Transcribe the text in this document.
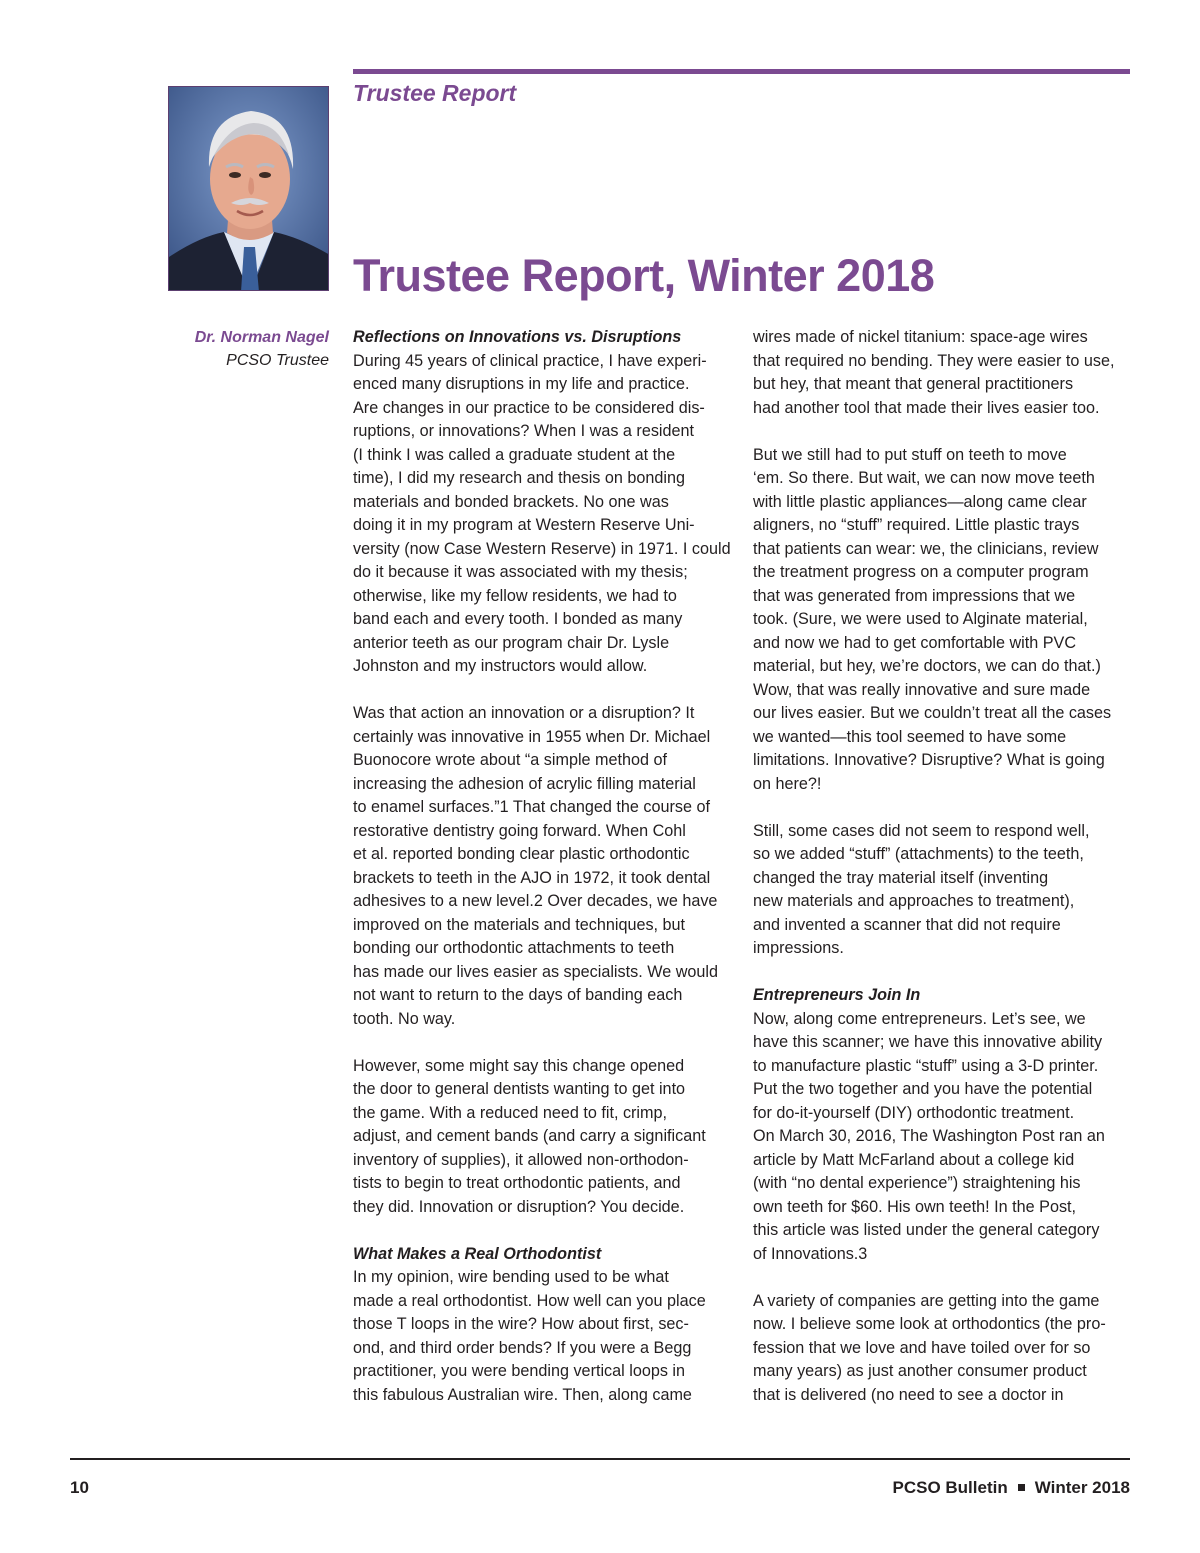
Trustee Report
Trustee Report, Winter 2018
Dr. Norman Nagel
PCSO Trustee
Reflections on Innovations vs. Disruptions
During 45 years of clinical practice, I have experi-
enced many disruptions in my life and practice.
Are changes in our practice to be considered dis-
ruptions, or innovations? When I was a resident
(I think I was called a graduate student at the
time), I did my research and thesis on bonding
materials and bonded brackets. No one was
doing it in my program at Western Reserve Uni-
versity (now Case Western Reserve) in 1971. I could
do it because it was associated with my thesis;
otherwise, like my fellow residents, we had to
band each and every tooth. I bonded as many
anterior teeth as our program chair Dr. Lysle
Johnston and my instructors would allow.
Was that action an innovation or a disruption? It
certainly was innovative in 1955 when Dr. Michael
Buonocore wrote about “a simple method of
increasing the adhesion of acrylic filling material
to enamel surfaces.”1 That changed the course of
restorative dentistry going forward. When Cohl
et al. reported bonding clear plastic orthodontic
brackets to teeth in the AJO in 1972, it took dental
adhesives to a new level.2 Over decades, we have
improved on the materials and techniques, but
bonding our orthodontic attachments to teeth
has made our lives easier as specialists. We would
not want to return to the days of banding each
tooth. No way.
However, some might say this change opened
the door to general dentists wanting to get into
the game. With a reduced need to fit, crimp,
adjust, and cement bands (and carry a significant
inventory of supplies), it allowed non-orthodon-
tists to begin to treat orthodontic patients, and
they did. Innovation or disruption? You decide.
What Makes a Real Orthodontist
In my opinion, wire bending used to be what
made a real orthodontist. How well can you place
those T loops in the wire? How about first, sec-
ond, and third order bends? If you were a Begg
practitioner, you were bending vertical loops in
this fabulous Australian wire. Then, along came
wires made of nickel titanium: space-age wires
that required no bending. They were easier to use,
but hey, that meant that general practitioners
had another tool that made their lives easier too.
But we still had to put stuff on teeth to move
‘em. So there. But wait, we can now move teeth
with little plastic appliances—along came clear
aligners, no “stuff” required. Little plastic trays
that patients can wear: we, the clinicians, review
the treatment progress on a computer program
that was generated from impressions that we
took. (Sure, we were used to Alginate material,
and now we had to get comfortable with PVC
material, but hey, we’re doctors, we can do that.)
Wow, that was really innovative and sure made
our lives easier. But we couldn’t treat all the cases
we wanted—this tool seemed to have some
limitations. Innovative? Disruptive? What is going
on here?!
Still, some cases did not seem to respond well,
so we added “stuff” (attachments) to the teeth,
changed the tray material itself (inventing
new materials and approaches to treatment),
and invented a scanner that did not require
impressions.
Entrepreneurs Join In
Now, along come entrepreneurs. Let’s see, we
have this scanner; we have this innovative ability
to manufacture plastic “stuff” using a 3-D printer.
Put the two together and you have the potential
for do-it-yourself (DIY) orthodontic treatment.
On March 30, 2016, The Washington Post ran an
article by Matt McFarland about a college kid
(with “no dental experience”) straightening his
own teeth for $60. His own teeth! In the Post,
this article was listed under the general category
of Innovations.3
A variety of companies are getting into the game
now. I believe some look at orthodontics (the pro-
fession that we love and have toiled over for so
many years) as just another consumer product
that is delivered (no need to see a doctor in
10	PCSO Bulletin Winter 2018
